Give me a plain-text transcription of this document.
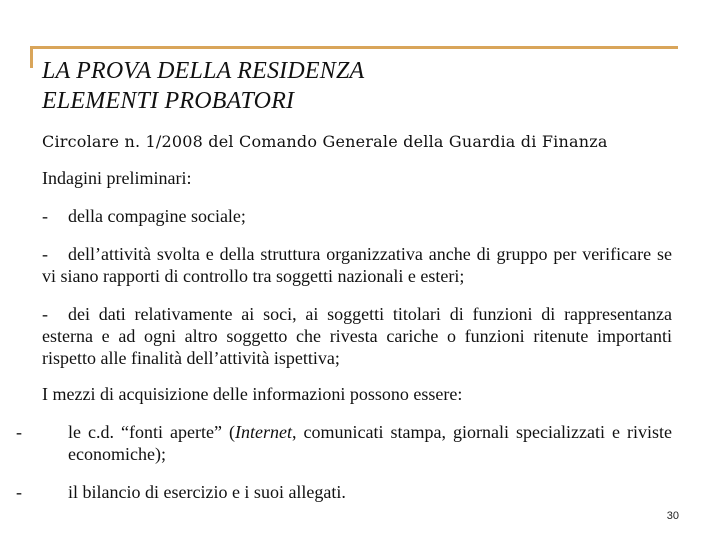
LA PROVA DELLA RESIDENZA
ELEMENTI PROBATORI

Circolare n. 1/2008 del Comando Generale della Guardia di Finanza

Indagini preliminari:

- della compagine sociale;

- dell’attività svolta e della struttura organizzativa anche di gruppo per verificare se vi siano rapporti di controllo tra soggetti nazionali e esteri;

- dei dati relativamente ai soci, ai soggetti titolari di funzioni di rappresentanza esterna e ad ogni altro soggetto che rivesta cariche o funzioni ritenute importanti rispetto alle finalità dell’attività ispettiva;

I mezzi di acquisizione delle informazioni possono essere:

-	le c.d. “fonti aperte” (Internet, comunicati stampa, giornali specializzati e riviste economiche);

-	il bilancio di esercizio e i suoi allegati.

30
